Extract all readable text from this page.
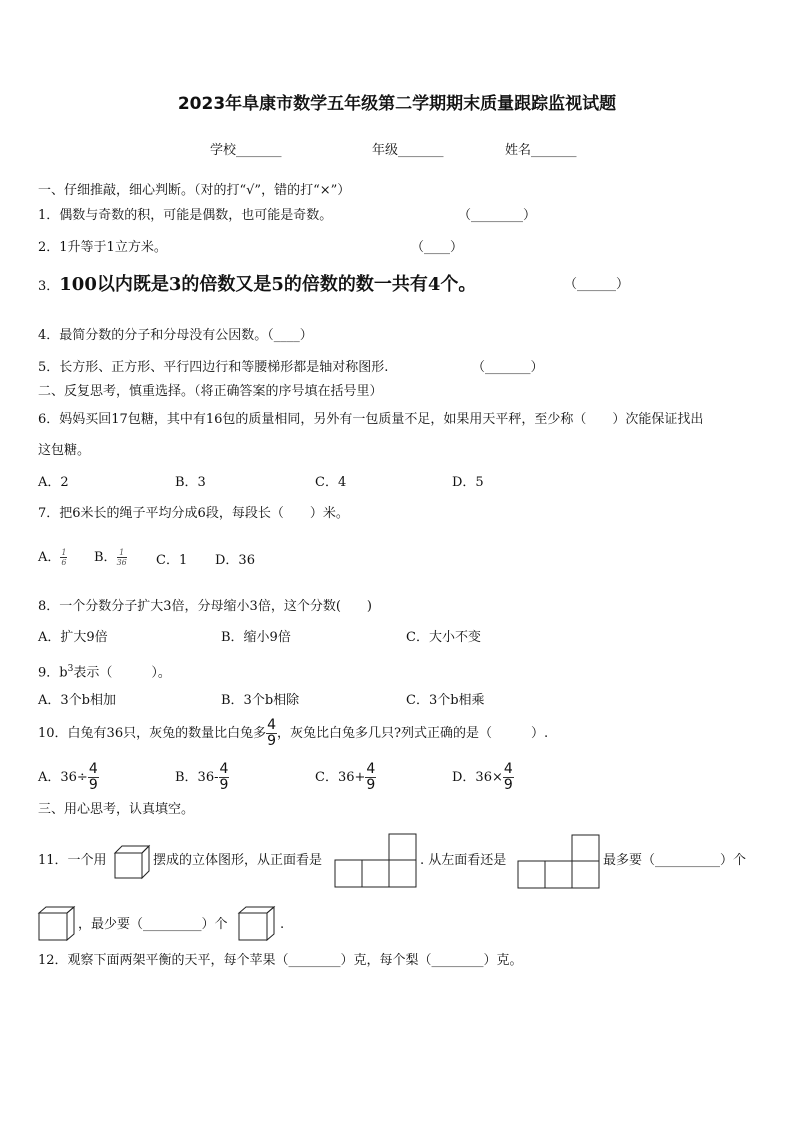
2023年阜康市数学五年级第二学期期末质量跟踪监视试题
学校_______	年级_______	姓名_______
一、仔细推敲，细心判断。（对的打“√”，错的打“×”）
1．偶数与奇数的积，可能是偶数，也可能是奇数。	（________）
2．1升等于1立方米。	（____）
3．100以内既是3的倍数又是5的倍数的数一共有4个。	（______）
4．最简分数的分子和分母没有公因数。（____）
5．长方形、正方形、平行四边行和等腰梯形都是轴对称图形.	（_______）
二、反复思考，慎重选择。（将正确答案的序号填在括号里）
6．妈妈买回17包糖，其中有16包的质量相同，另外有一包质量不足，如果用天平秤，至少称（　　）次能保证找出
这包糖。
A．2	B．3	C．4	D．5
7．把6米长的绳子平均分成6段，每段长（　　）米。
A． $\frac{1}{6}$ B． $\frac{1}{36}$ C．1 D．36
8．一个分数分子扩大3倍，分母缩小3倍，这个分数(　　)
A．扩大9倍	B．缩小9倍	C．大小不变
9．$b^3$表示（　　　）。
A．3个b相加	B．3个b相除	C．3个b相乘
10．白兔有36只，灰兔的数量比白兔多 $\frac{4}{9}$ ，灰兔比白兔多几只?列式正确的是（　　　）.
A．$36\div \frac{4}{9}$	B．$36- \frac{4}{9}$	C．$36+ \frac{4}{9}$	D．$36\times \frac{4}{9}$
三、用心思考，认真填空。
11．一个用	摆成的立体图形，从正面看是	. 从左面看还是	最多要（__________）个
，最少要（_________）个	.
12．观察下面两架平衡的天平，每个苹果（________）克，每个梨（________）克。
